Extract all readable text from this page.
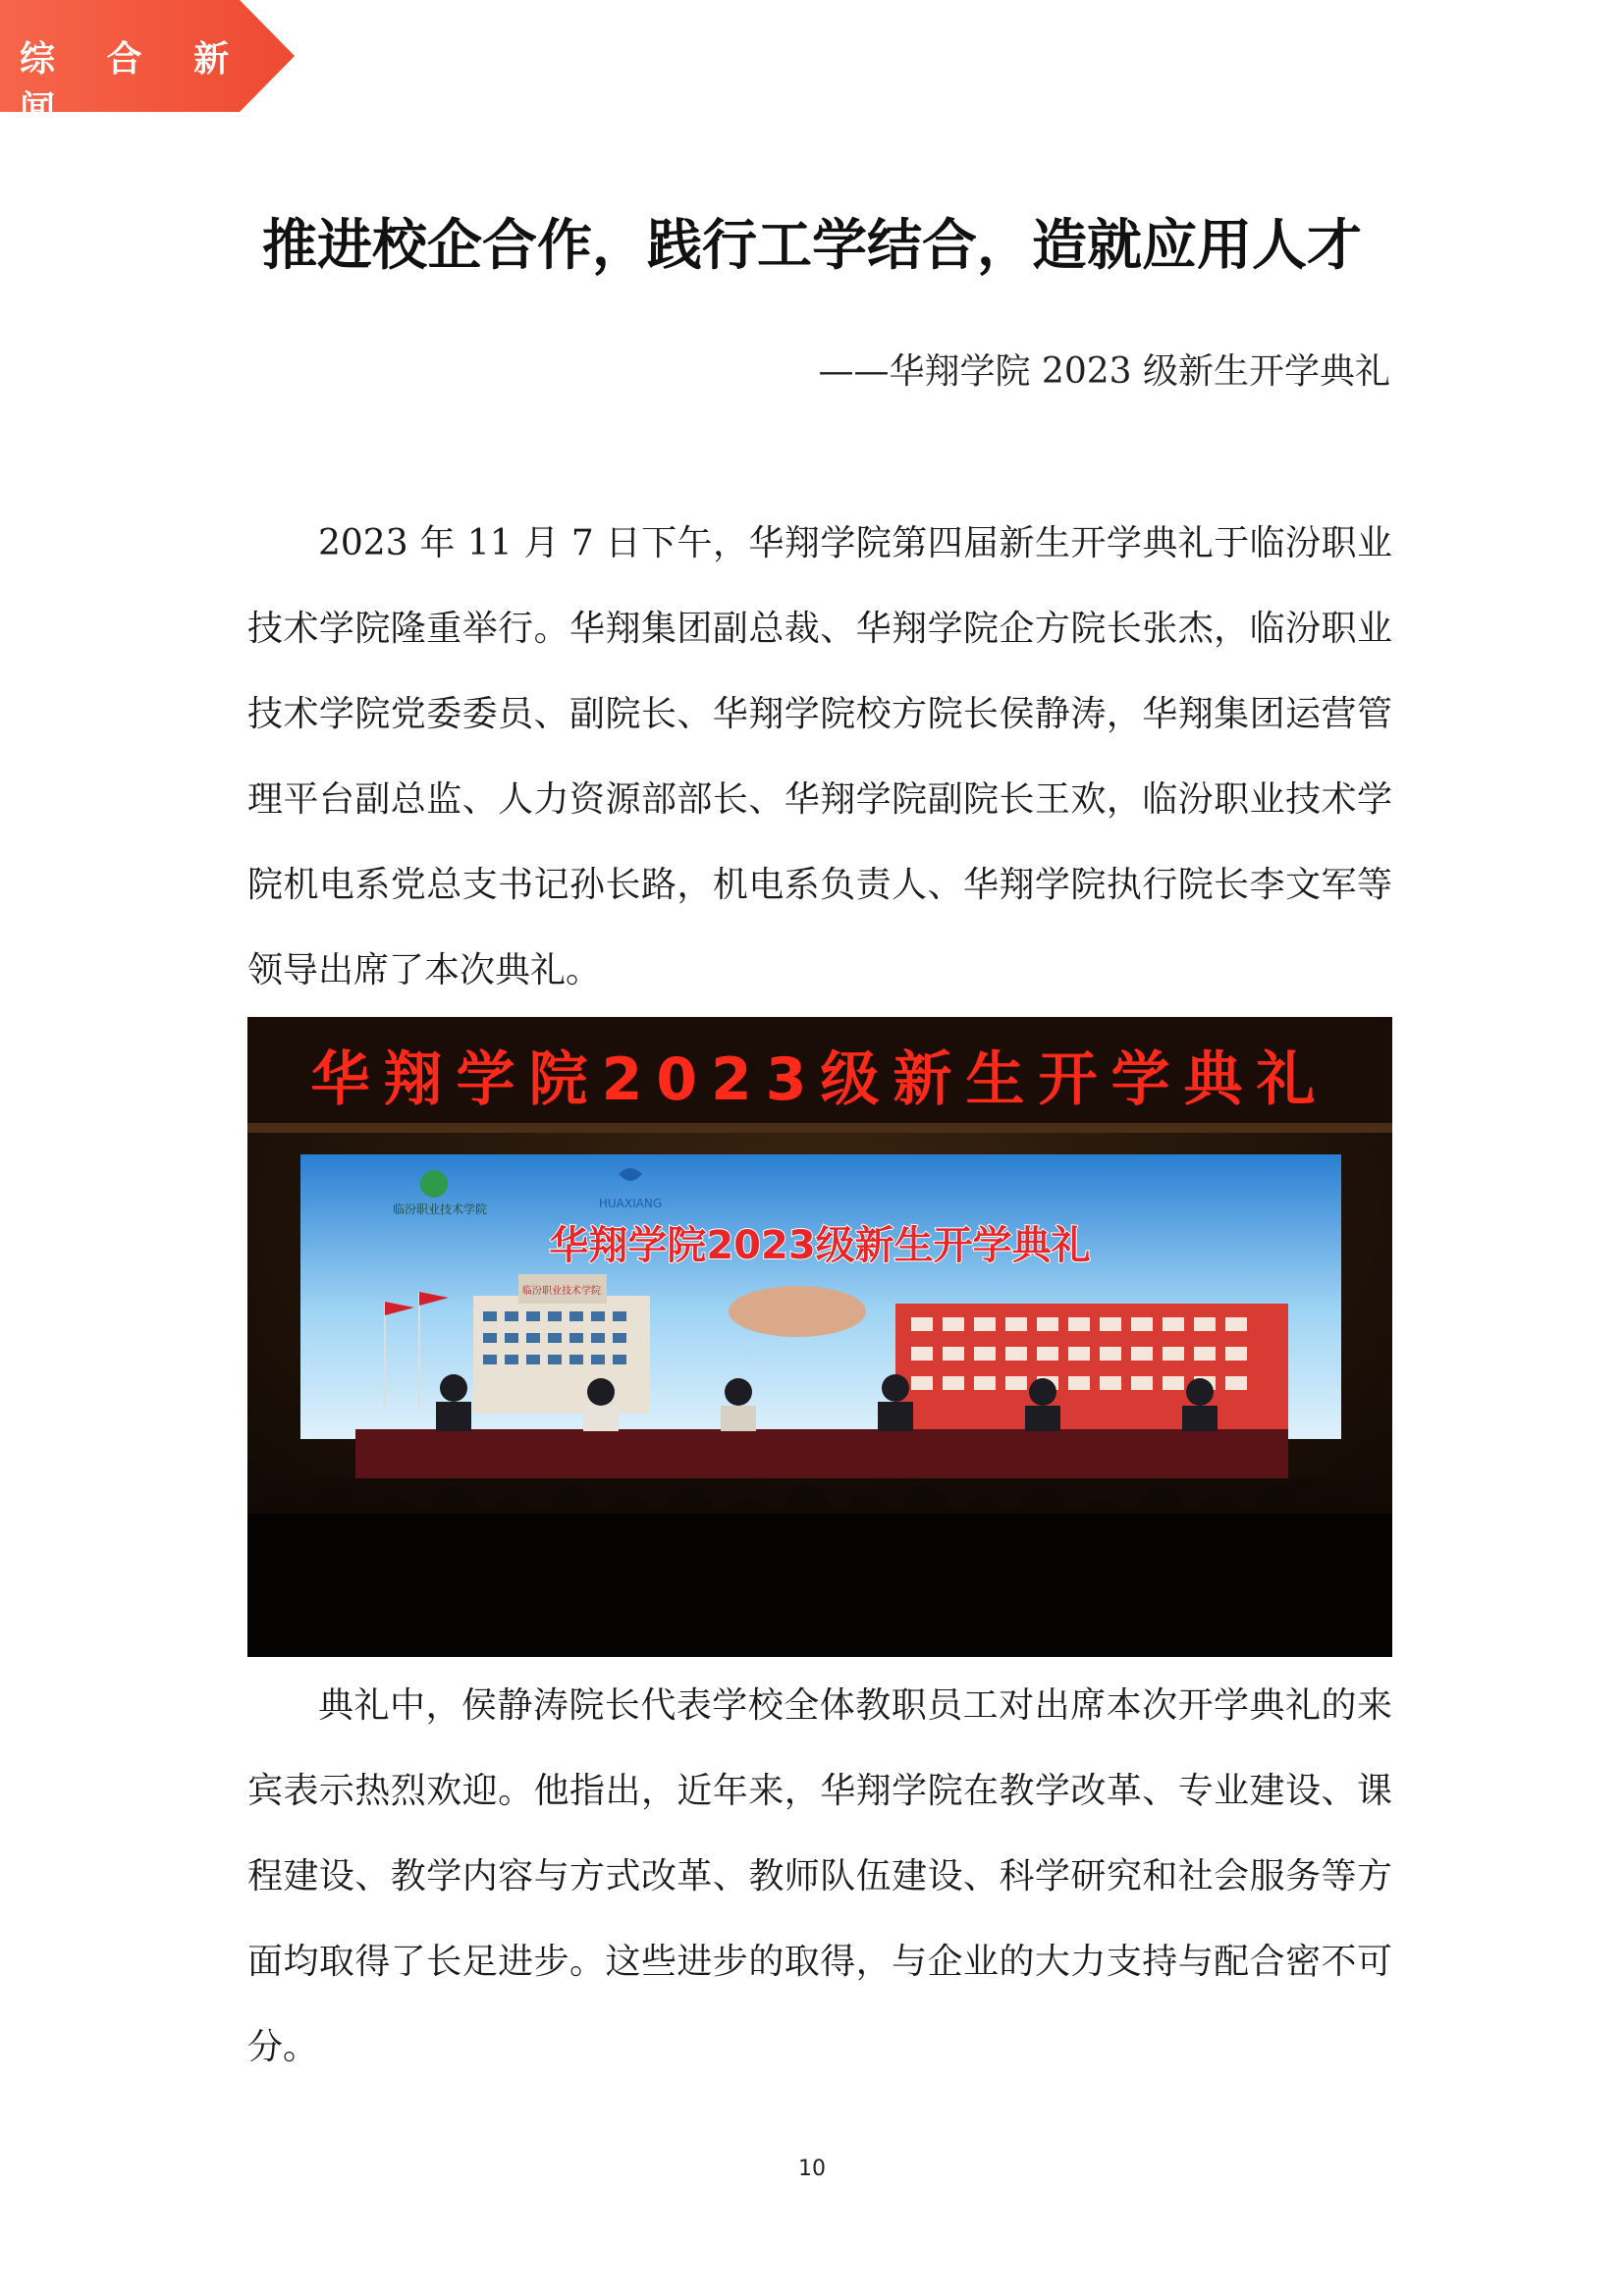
综 合 新 闻
推进校企合作，践行工学结合，造就应用人才
——华翔学院 2023 级新生开学典礼

2023 年 11 月 7 日下午，华翔学院第四届新生开学典礼于临汾职业技术学院隆重举行。华翔集团副总裁、华翔学院企方院长张杰，临汾职业技术学院党委委员、副院长、华翔学院校方院长侯静涛，华翔集团运营管理平台副总监、人力资源部部长、华翔学院副院长王欢，临汾职业技术学院机电系党总支书记孙长路，机电系负责人、华翔学院执行院长李文军等领导出席了本次典礼。

华翔学院2023级新生开学典礼
临汾职业技术学院	HUAXIANG
华翔学院2023级新生开学典礼
临汾职业技术学院

典礼中，侯静涛院长代表学校全体教职员工对出席本次开学典礼的来宾表示热烈欢迎。他指出，近年来，华翔学院在教学改革、专业建设、课程建设、教学内容与方式改革、教师队伍建设、科学研究和社会服务等方面均取得了长足进步。这些进步的取得，与企业的大力支持与配合密不可分。

10
